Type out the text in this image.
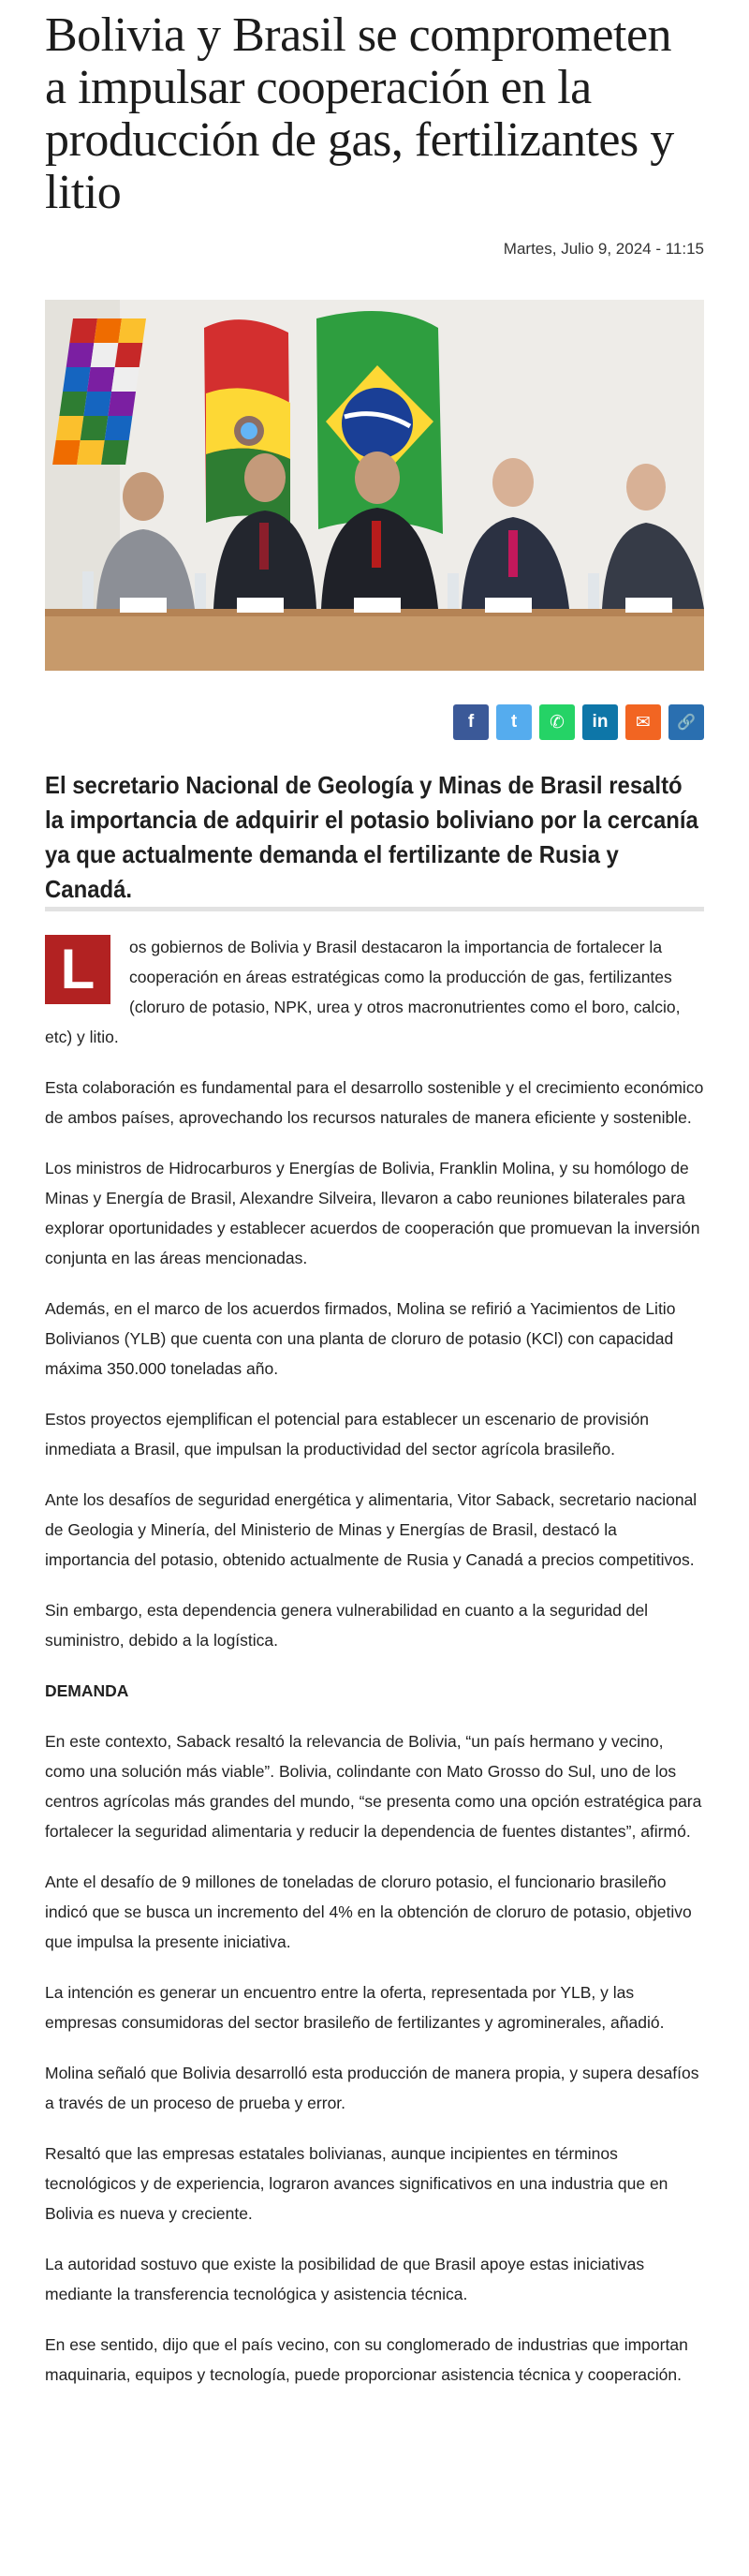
Bolivia y Brasil se comprometen a impulsar cooperación en la producción de gas, fertilizantes y litio
Martes, Julio 9, 2024 - 11:15
f t ✆ in ✉ 🔗
El secretario Nacional de Geología y Minas de Brasil resaltó la importancia de adquirir el potasio boliviano por la cercanía ya que actualmente demanda el fertilizante de Rusia y Canadá.

L	os gobiernos de Bolivia y Brasil destacaron la importancia de fortalecer la cooperación en áreas estratégicas como la producción de gas, fertilizantes (cloruro de potasio, NPK, urea y otros macronutrientes como el boro, calcio, etc) y litio.

Esta colaboración es fundamental para el desarrollo sostenible y el crecimiento económico de ambos países, aprovechando los recursos naturales de manera eficiente y sostenible.

Los ministros de Hidrocarburos y Energías de Bolivia, Franklin Molina, y su homólogo de Minas y Energía de Brasil, Alexandre Silveira, llevaron a cabo reuniones bilaterales para explorar oportunidades y establecer acuerdos de cooperación que promuevan la inversión conjunta en las áreas mencionadas.

Además, en el marco de los acuerdos firmados, Molina se refirió a Yacimientos de Litio Bolivianos (YLB) que cuenta con una planta de cloruro de potasio (KCl) con capacidad máxima 350.000 toneladas año.

Estos proyectos ejemplifican el potencial para establecer un escenario de provisión inmediata a Brasil, que impulsan la productividad del sector agrícola brasileño.

Ante los desafíos de seguridad energética y alimentaria, Vitor Saback, secretario nacional de Geologia y Minería, del Ministerio de Minas y Energías de Brasil, destacó la importancia del potasio, obtenido actualmente de Rusia y Canadá a precios competitivos.

Sin embargo, esta dependencia genera vulnerabilidad en cuanto a la seguridad del suministro, debido a la logística.

DEMANDA

En este contexto, Saback resaltó la relevancia de Bolivia, “un país hermano y vecino, como una solución más viable”. Bolivia, colindante con Mato Grosso do Sul, uno de los centros agrícolas más grandes del mundo, “se presenta como una opción estratégica para fortalecer la seguridad alimentaria y reducir la dependencia de fuentes distantes”, afirmó.

Ante el desafío de 9 millones de toneladas de cloruro potasio, el funcionario brasileño indicó que se busca un incremento del 4% en la obtención de cloruro de potasio, objetivo que impulsa la presente iniciativa.

La intención es generar un encuentro entre la oferta, representada por YLB, y las empresas consumidoras del sector brasileño de fertilizantes y agrominerales, añadió.

Molina señaló que Bolivia desarrolló esta producción de manera propia, y supera desafíos a través de un proceso de prueba y error.

Resaltó que las empresas estatales bolivianas, aunque incipientes en términos tecnológicos y de experiencia, lograron avances significativos en una industria que en Bolivia es nueva y creciente.

La autoridad sostuvo que existe la posibilidad de que Brasil apoye estas iniciativas mediante la transferencia tecnológica y asistencia técnica.

En ese sentido, dijo que el país vecino, con su conglomerado de industrias que importan maquinaria, equipos y tecnología, puede proporcionar asistencia técnica y cooperación.
